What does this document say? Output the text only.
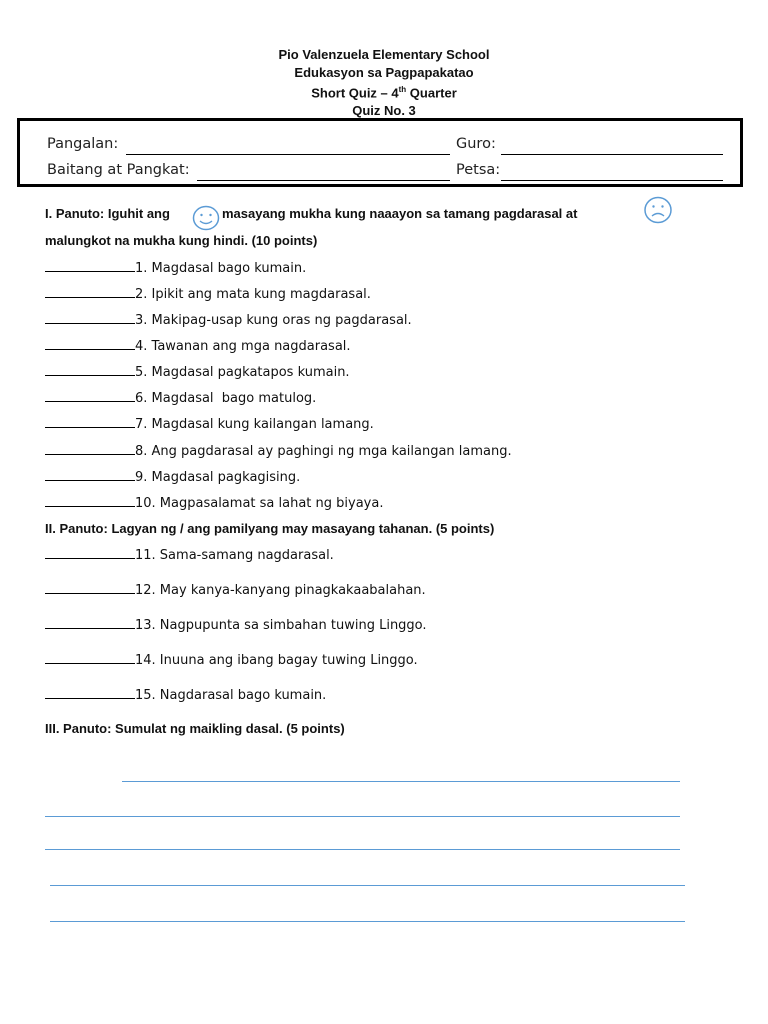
Pio Valenzuela Elementary School
Edukasyon sa Pagpapakatao
Short Quiz – 4th Quarter
Quiz No. 3
Pangalan:	Guro:
Baitang at Pangkat:	Petsa:
I. Panuto: Iguhit ang	masayang mukha kung naaayon sa tamang pagdarasal at
malungkot na mukha kung hindi. (10 points)
1. Magdasal bago kumain.
2. Ipikit ang mata kung magdarasal.
3. Makipag-usap kung oras ng pagdarasal.
4. Tawanan ang mga nagdarasal.
5. Magdasal pagkatapos kumain.
6. Magdasal  bago matulog.
7. Magdasal kung kailangan lamang.
8. Ang pagdarasal ay paghingi ng mga kailangan lamang.
9. Magdasal pagkagising.
10. Magpasalamat sa lahat ng biyaya.
II. Panuto: Lagyan ng / ang pamilyang may masayang tahanan. (5 points)
11. Sama-samang nagdarasal.
12. May kanya-kanyang pinagkakaabalahan.
13. Nagpupunta sa simbahan tuwing Linggo.
14. Inuuna ang ibang bagay tuwing Linggo.
15. Nagdarasal bago kumain.
III. Panuto: Sumulat ng maikling dasal. (5 points)
